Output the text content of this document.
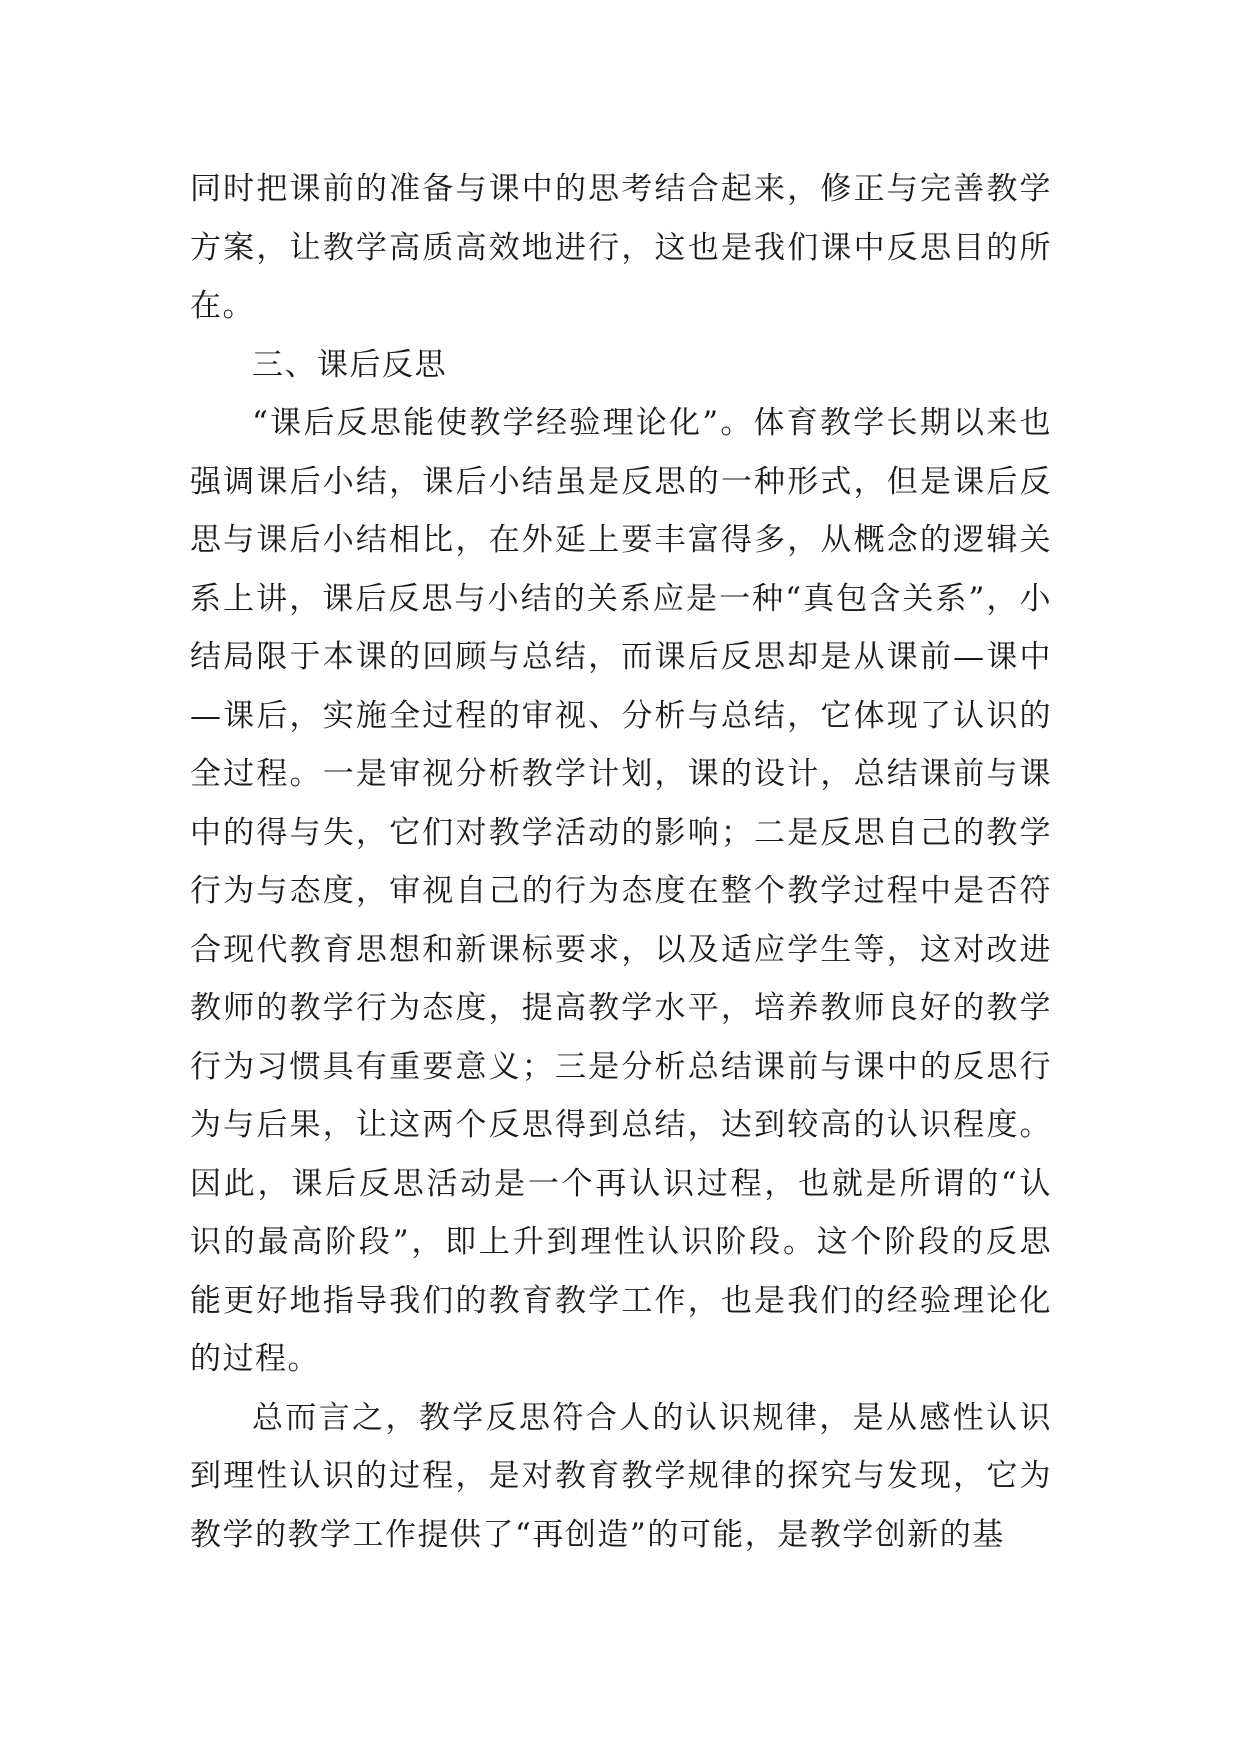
同时把课前的准备与课中的思考结合起来，修正与完善教学方案，让教学高质高效地进行，这也是我们课中反思目的所在。

三、课后反思

“课后反思能使教学经验理论化”。体育教学长期以来也强调课后小结，课后小结虽是反思的一种形式，但是课后反思与课后小结相比，在外延上要丰富得多，从概念的逻辑关系上讲，课后反思与小结的关系应是一种“真包含关系”，小结局限于本课的回顾与总结，而课后反思却是从课前—课中—课后，实施全过程的审视、分析与总结，它体现了认识的全过程。一是审视分析教学计划，课的设计，总结课前与课中的得与失，它们对教学活动的影响；二是反思自己的教学行为与态度，审视自己的行为态度在整个教学过程中是否符合现代教育思想和新课标要求，以及适应学生等，这对改进教师的教学行为态度，提高教学水平，培养教师良好的教学行为习惯具有重要意义；三是分析总结课前与课中的反思行为与后果，让这两个反思得到总结，达到较高的认识程度。因此，课后反思活动是一个再认识过程，也就是所谓的“认识的最高阶段”，即上升到理性认识阶段。这个阶段的反思能更好地指导我们的教育教学工作，也是我们的经验理论化的过程。

总而言之，教学反思符合人的认识规律，是从感性认识到理性认识的过程，是对教育教学规律的探究与发现，它为教学的教学工作提供了“再创造”的可能，是教学创新的基
